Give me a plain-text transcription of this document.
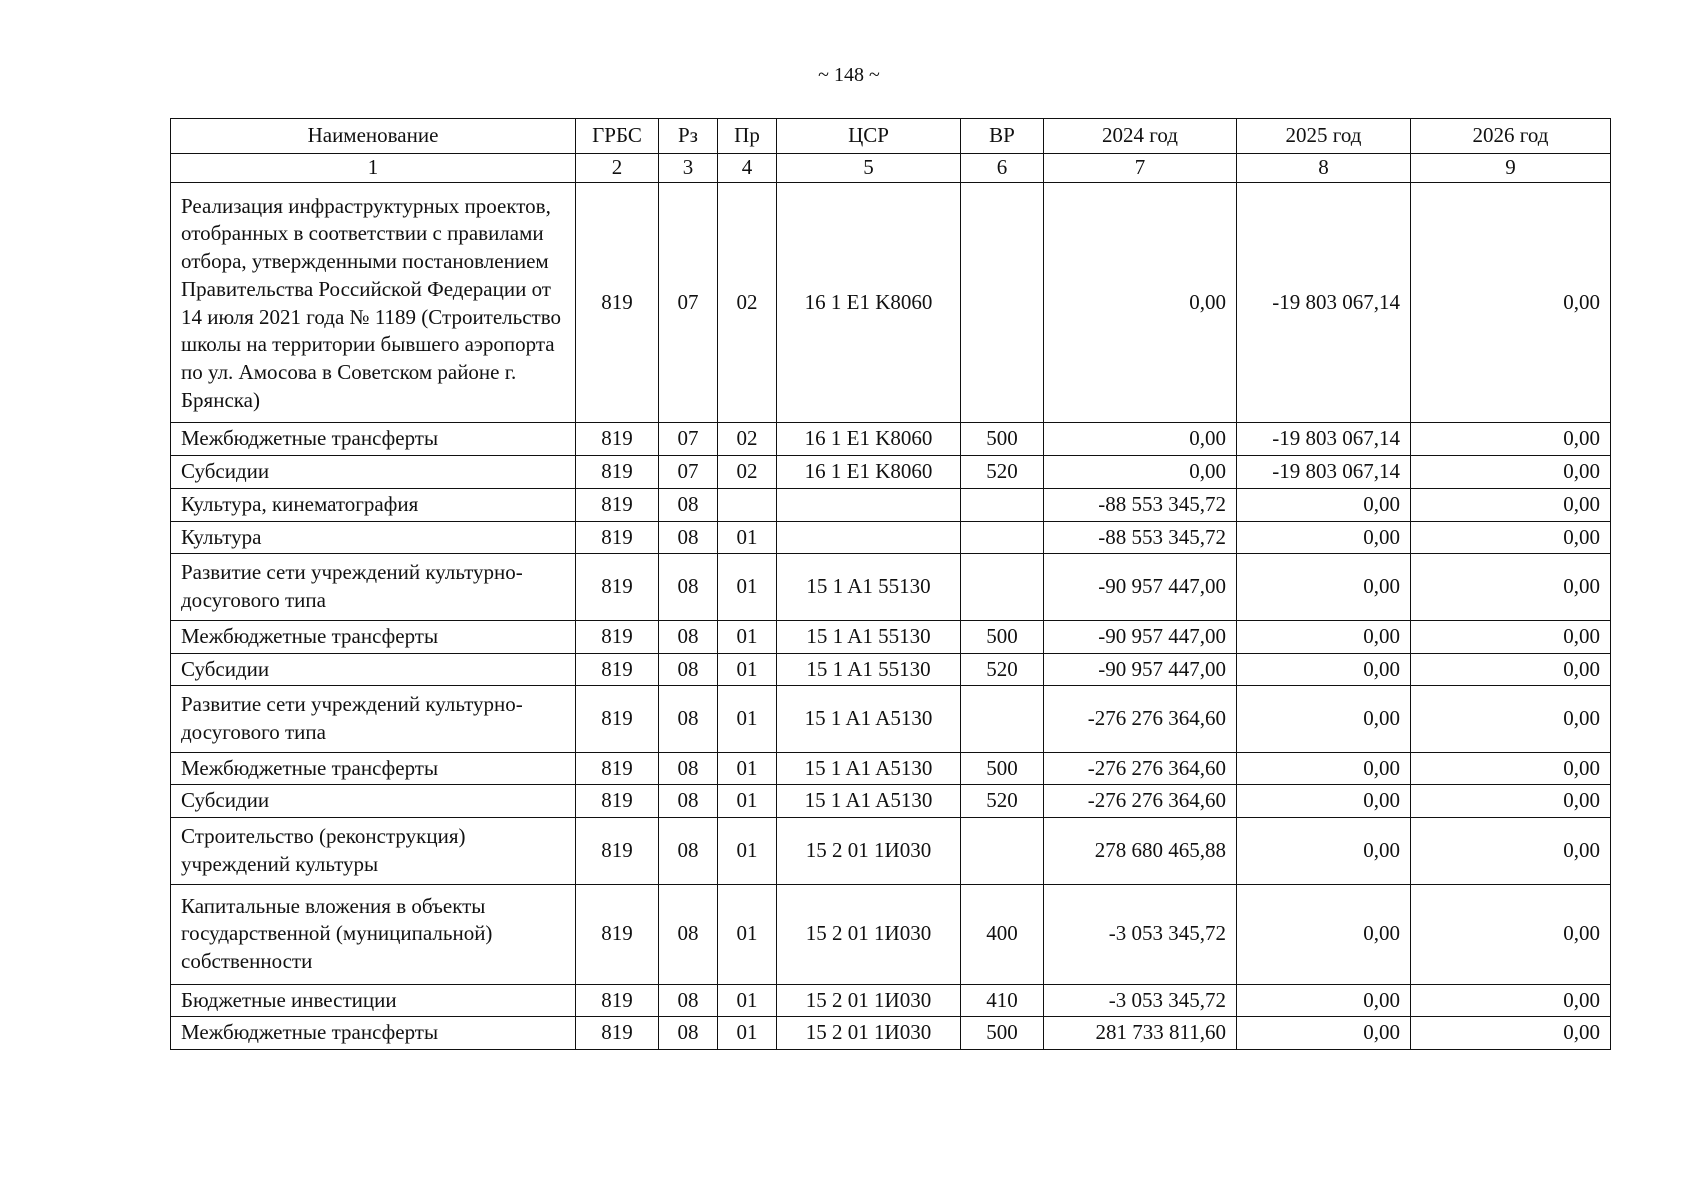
~ 148 ~
Наименование	ГРБС	Рз	Пр	ЦСР	ВР	2024 год	2025 год	2026 год
1	2	3	4	5	6	7	8	9
Реализация инфраструктурных проектов, отобранных в соответствии с правилами отбора, утвержденными постановлением Правительства Российской Федерации от 14 июля 2021 года № 1189 (Строительство школы на территории бывшего аэропорта по ул. Амосова в Советском районе г. Брянска)	819	07	02	16 1 E1 K8060		0,00	-19 803 067,14	0,00
Межбюджетные трансферты	819	07	02	16 1 E1 K8060	500	0,00	-19 803 067,14	0,00
Субсидии	819	07	02	16 1 E1 K8060	520	0,00	-19 803 067,14	0,00
Культура, кинематография	819	08				-88 553 345,72	0,00	0,00
Культура	819	08	01			-88 553 345,72	0,00	0,00
Развитие сети учреждений культурно-досугового типа	819	08	01	15 1 A1 55130		-90 957 447,00	0,00	0,00
Межбюджетные трансферты	819	08	01	15 1 A1 55130	500	-90 957 447,00	0,00	0,00
Субсидии	819	08	01	15 1 A1 55130	520	-90 957 447,00	0,00	0,00
Развитие сети учреждений культурно-досугового типа	819	08	01	15 1 A1 A5130		-276 276 364,60	0,00	0,00
Межбюджетные трансферты	819	08	01	15 1 A1 A5130	500	-276 276 364,60	0,00	0,00
Субсидии	819	08	01	15 1 A1 A5130	520	-276 276 364,60	0,00	0,00
Строительство (реконструкция) учреждений культуры	819	08	01	15 2 01 1И030		278 680 465,88	0,00	0,00
Капитальные вложения в объекты государственной (муниципальной) собственности	819	08	01	15 2 01 1И030	400	-3 053 345,72	0,00	0,00
Бюджетные инвестиции	819	08	01	15 2 01 1И030	410	-3 053 345,72	0,00	0,00
Межбюджетные трансферты	819	08	01	15 2 01 1И030	500	281 733 811,60	0,00	0,00
